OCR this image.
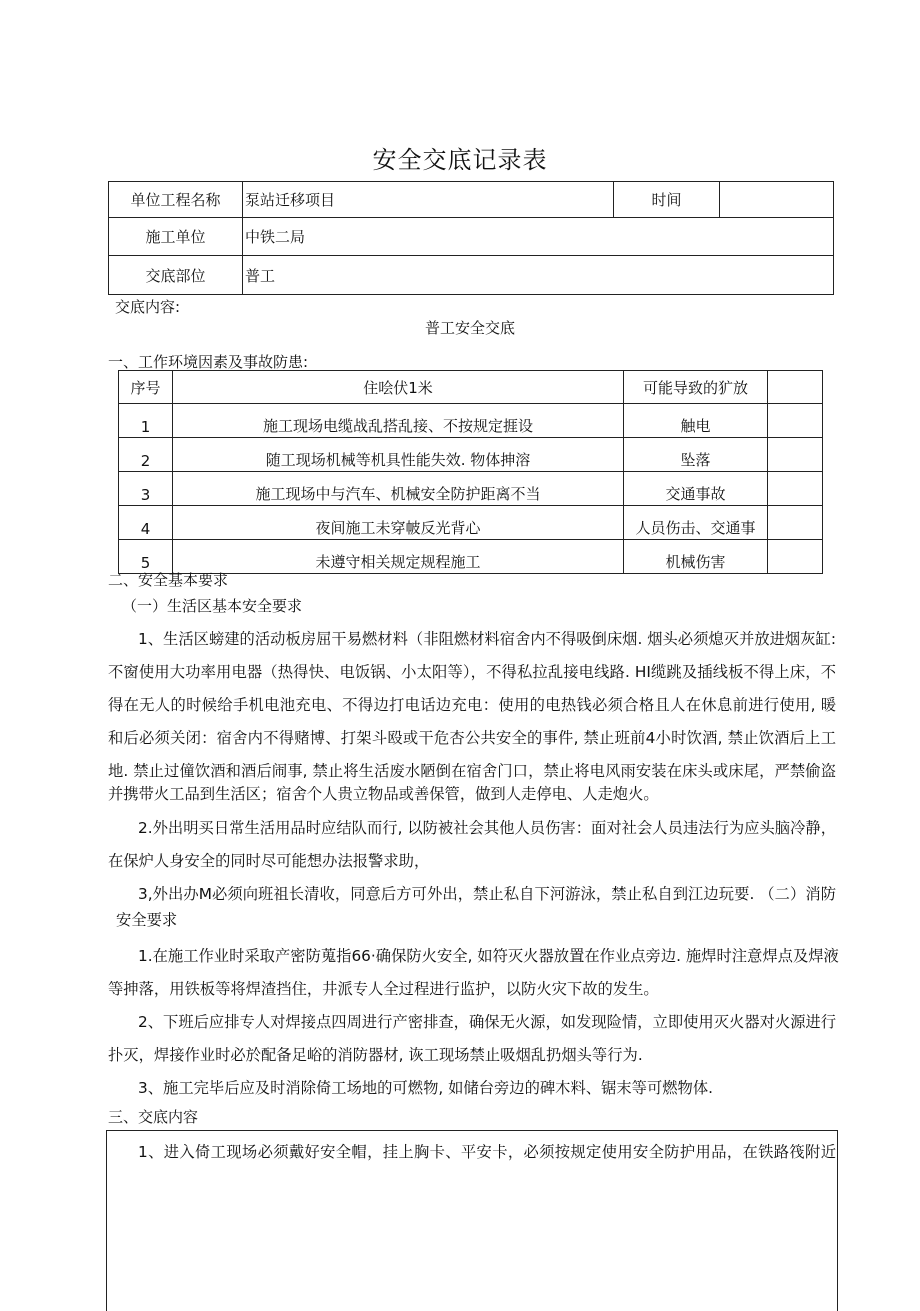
安全交底记录表
单位工程名称	泵站迁移项目	时间	
施工单位	中铁二局		
交底部位	普工		
交底内容:
普工安全交底
一、工作环境因素及事故防患:
序号	住哙伏1米	可能导致的犷放	
1	施工现场电缆战乱搭乱接、不按规定捱设	触电	
2	随工现场机械等机具性能失效. 物体抻溶	坠落	
3	施工现场中与汽车、机械安全防护距离不当	交通事故	
4	夜间施工未穿帔反光背心	人员伤击、交通事	
5	未遵守相关规定规程施工	机械伤害	
二、安全基本要求
（一）生活区基本安全要求
1、生活区螃建的活动板房屈干易燃材料（非阻燃材料宿舍内不得吸倒床烟. 烟头必须熄灭并放进烟灰缸:
不窗使用大功率用电器（热得快、电饭锅、小太阳等），不得私拉乱接电线路. HI缆跳及插线板不得上床，不
得在无人的时候给手机电池充电、不得边打电话边充电：使用的电热钱必须合格且人在休息前进行使用, 暖
和后必须关闭：宿舍内不得赌博、打架斗殴或干危杏公共安全的事件, 禁止班前4小时饮酒, 禁止饮酒后上工
地. 禁止过僮饮酒和酒后闹事, 禁止将生活废水陋倒在宿舍门口，禁止将电风雨安装在床头或床尾，严禁偷盗
并携带火工品到生活区；宿舍个人贵立物品或善保管，做到人走停电、人走炮火。
2.外出明买日常生活用品时应结队而行, 以防被社会其他人员伤害：面对社会人员违法行为应头脑冷静，
在保炉人身安全的同时尽可能想办法报警求助，
3,外出办M必须向班祖长清收，同意后方可外出，禁止私自下河游泳，禁止私自到江边玩要. （二）消防
安全要求
1.在施工作业时采取产密防蒐指66·确保防火安全, 如符灭火器放置在作业点旁边. 施焊时注意焊点及焊液
等抻落，用铁板等将焊渣挡住，井派专人全过程进行监护，以防火灾下故的发生。
2、下班后应排专人对焊接点四周进行产密排查，确保无火源，如发现险情，立即使用灭火器对火源进行
扑灭，焊接作业时必於配备足峪的消防器材, 诙工现场禁止吸烟乱扔烟头等行为.
3、施工完毕后应及时消除倚工场地的可燃物, 如储台旁边的碑木料、锯末等可燃物体.
三、交底内容
1、进入倚工现场必须戴好安全帽，挂上胸卡、平安卡，必须按规定使用安全防护用品，在铁路筏附近
